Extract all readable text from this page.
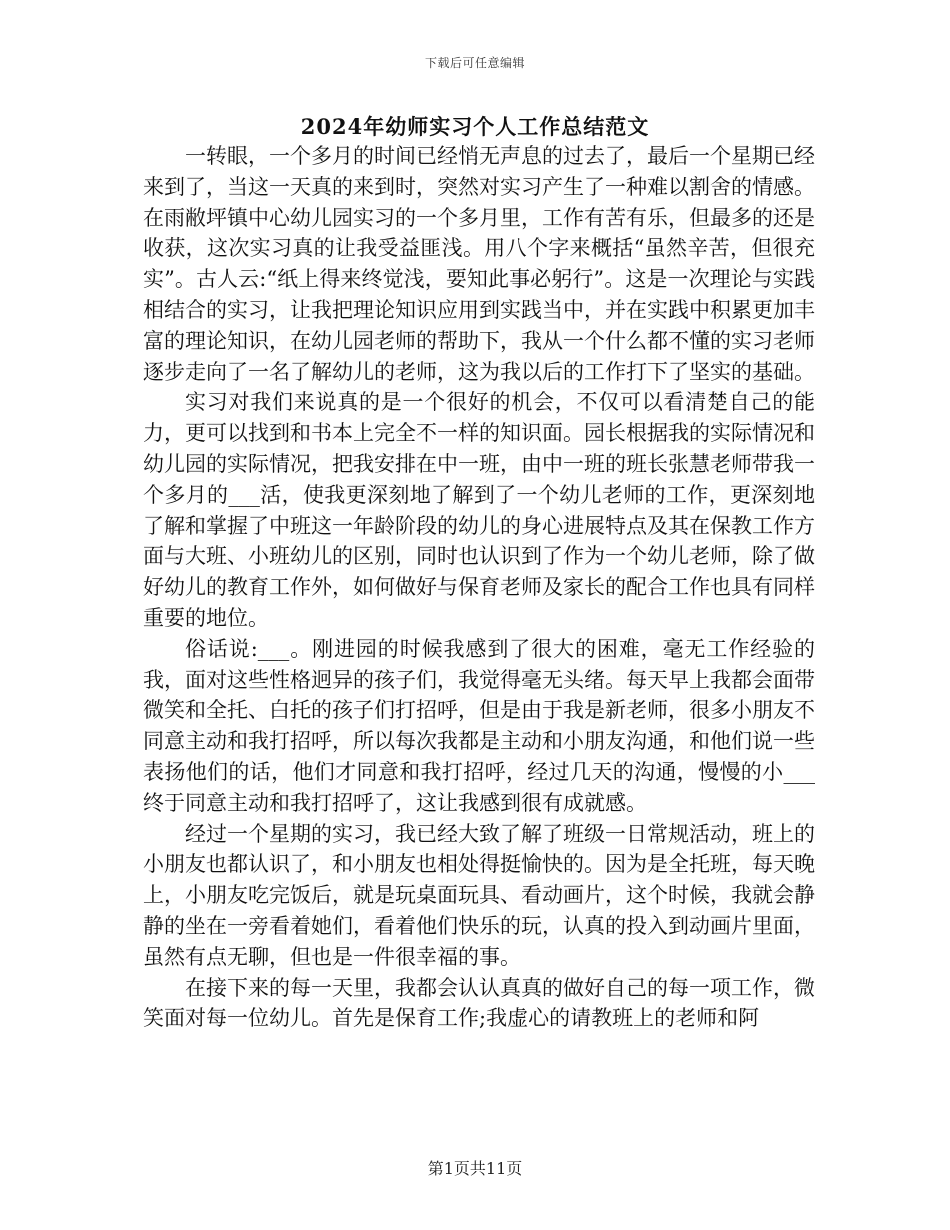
下载后可任意编辑
2024年幼师实习个人工作总结范文

一转眼，一个多月的时间已经悄无声息的过去了，最后一个星期已经来到了，当这一天真的来到时，突然对实习产生了一种难以割舍的情感。在雨敝坪镇中心幼儿园实习的一个多月里，工作有苦有乐，但最多的还是收获，这次实习真的让我受益匪浅。用八个字来概括“虽然辛苦，但很充实”。古人云:“纸上得来终觉浅，要知此事必躬行”。这是一次理论与实践相结合的实习，让我把理论知识应用到实践当中，并在实践中积累更加丰富的理论知识，在幼儿园老师的帮助下，我从一个什么都不懂的实习老师逐步走向了一名了解幼儿的老师，这为我以后的工作打下了坚实的基础。

实习对我们来说真的是一个很好的机会，不仅可以看清楚自己的能力，更可以找到和书本上完全不一样的知识面。园长根据我的实际情况和幼儿园的实际情况，把我安排在中一班，由中一班的班长张慧老师带我一个多月的___活，使我更深刻地了解到了一个幼儿老师的工作，更深刻地了解和掌握了中班这一年龄阶段的幼儿的身心进展特点及其在保教工作方面与大班、小班幼儿的区别，同时也认识到了作为一个幼儿老师，除了做好幼儿的教育工作外，如何做好与保育老师及家长的配合工作也具有同样重要的地位。

俗话说:___。刚进园的时候我感到了很大的困难，毫无工作经验的我，面对这些性格迥异的孩子们，我觉得毫无头绪。每天早上我都会面带微笑和全托、白托的孩子们打招呼，但是由于我是新老师，很多小朋友不同意主动和我打招呼，所以每次我都是主动和小朋友沟通，和他们说一些表扬他们的话，他们才同意和我打招呼，经过几天的沟通，慢慢的小___终于同意主动和我打招呼了，这让我感到很有成就感。

经过一个星期的实习，我已经大致了解了班级一日常规活动，班上的小朋友也都认识了，和小朋友也相处得挺愉快的。因为是全托班，每天晚上，小朋友吃完饭后，就是玩桌面玩具、看动画片，这个时候，我就会静静的坐在一旁看着她们，看着他们快乐的玩，认真的投入到动画片里面，虽然有点无聊，但也是一件很幸福的事。

在接下来的每一天里，我都会认认真真的做好自己的每一项工作，微笑面对每一位幼儿。首先是保育工作;我虚心的请教班上的老师和阿

第1页共11页
